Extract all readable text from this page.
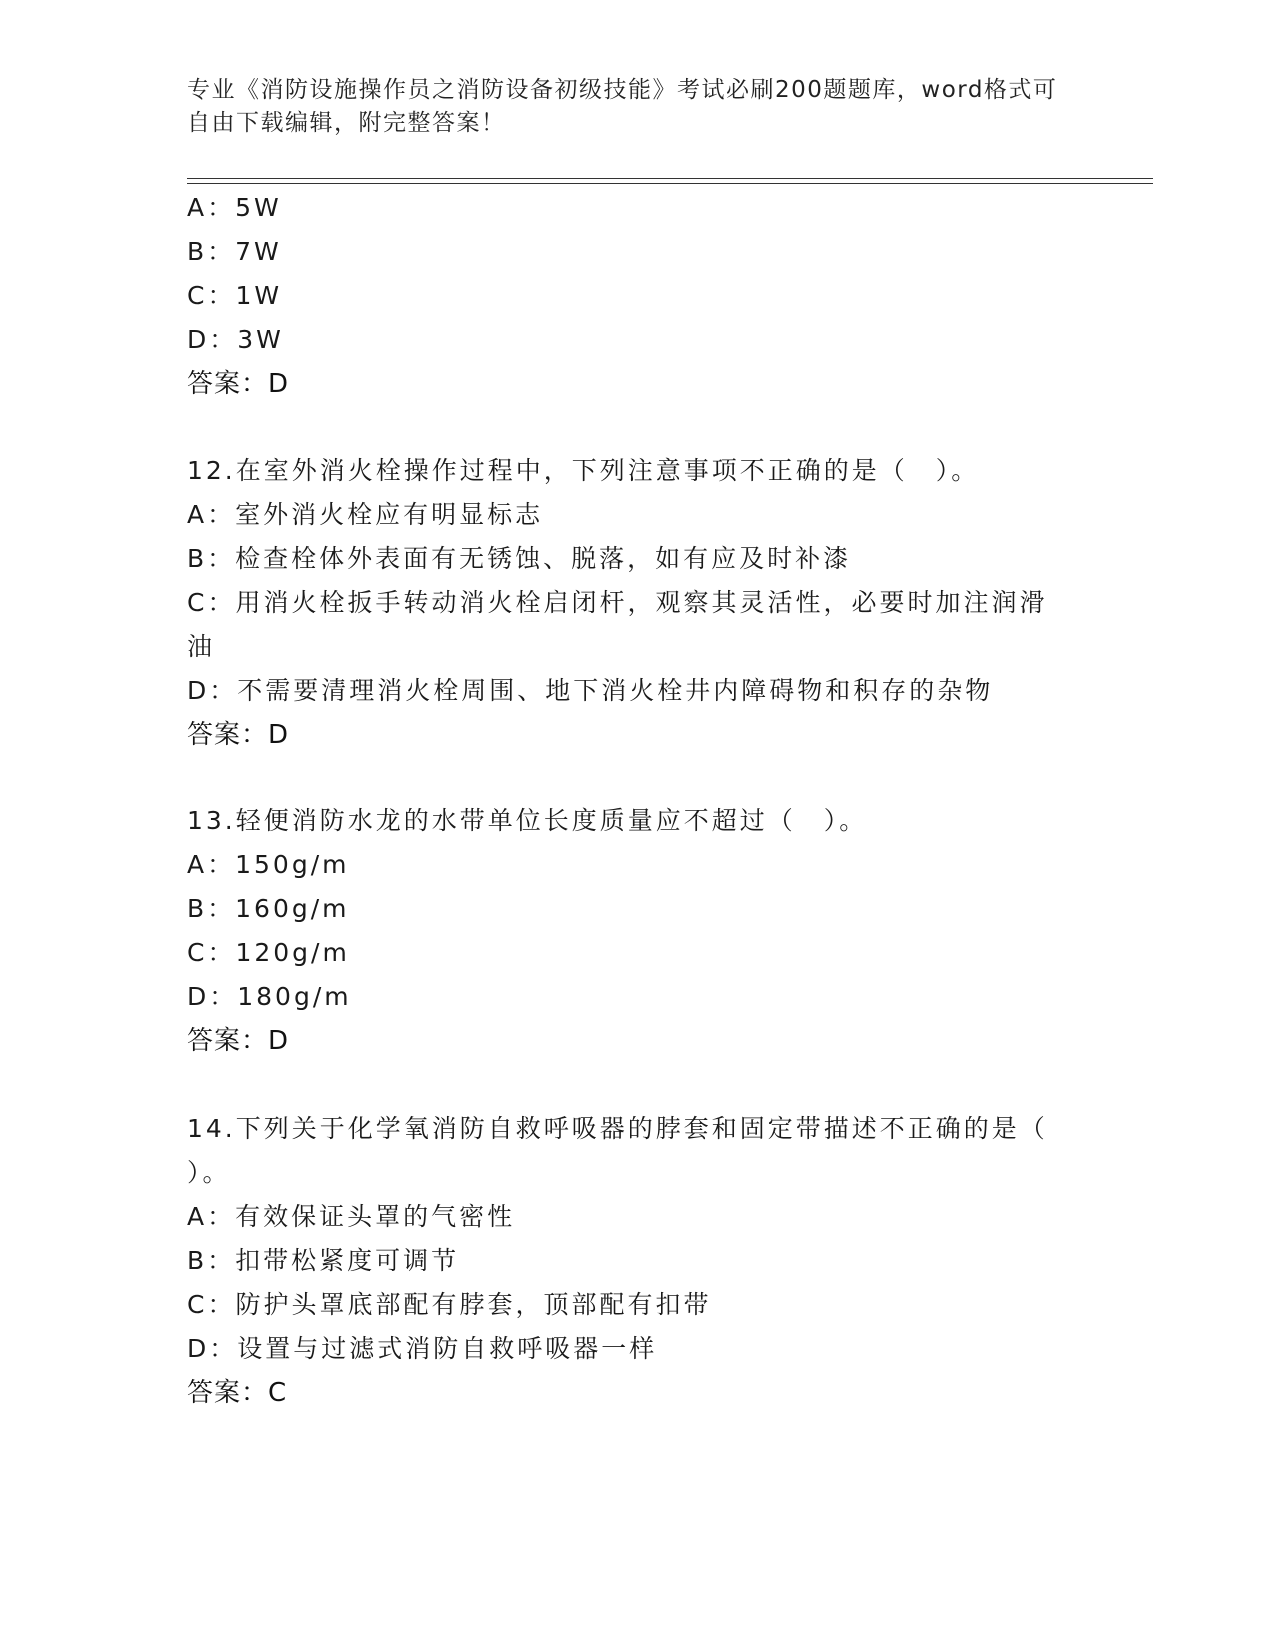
专业《消防设施操作员之消防设备初级技能》考试必刷200题题库，word格式可
自由下载编辑，附完整答案！
A：5W
B：7W
C：1W
D：3W
答案：D
12.在室外消火栓操作过程中，下列注意事项不正确的是（　）。
A：室外消火栓应有明显标志
B：检查栓体外表面有无锈蚀、脱落，如有应及时补漆
C：用消火栓扳手转动消火栓启闭杆，观察其灵活性，必要时加注润滑
油
D：不需要清理消火栓周围、地下消火栓井内障碍物和积存的杂物
答案：D
13.轻便消防水龙的水带单位长度质量应不超过（　）。
A：150g/m
B：160g/m
C：120g/m
D：180g/m
答案：D
14.下列关于化学氧消防自救呼吸器的脖套和固定带描述不正确的是（
）。
A：有效保证头罩的气密性
B：扣带松紧度可调节
C：防护头罩底部配有脖套，顶部配有扣带
D：设置与过滤式消防自救呼吸器一样
答案：C
